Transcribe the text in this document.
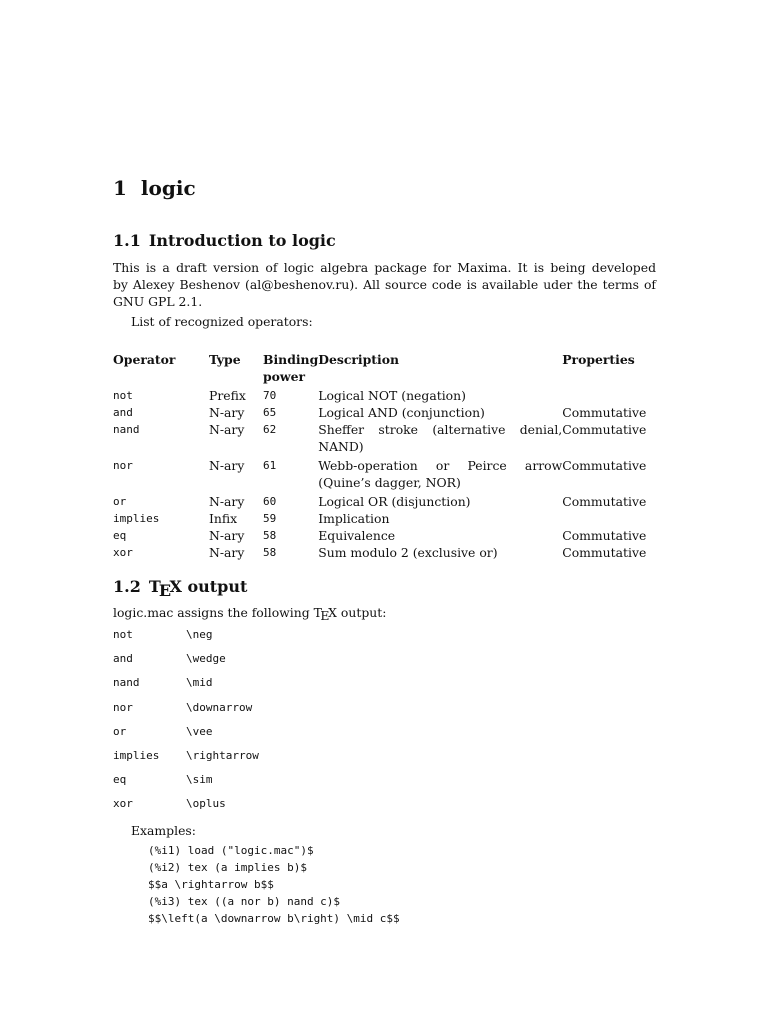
1 logic
1.1 Introduction to logic
This is a draft version of logic algebra package for Maxima. It is being developed
by Alexey Beshenov (al@beshenov.ru). All source code is available uder the terms of
GNU GPL 2.1.
List of recognized operators:
Operator	Type	Binding power	Description	Properties
not	Prefix	70	Logical NOT (negation)	
and	N-ary	65	Logical AND (conjunction)	Commutative
nand	N-ary	62	Sheffer stroke (alternative denial, NAND)	Commutative
nor	N-ary	61	Webb-operation or Peirce arrow (Quine’s dagger, NOR)	Commutative
or	N-ary	60	Logical OR (disjunction)	Commutative
implies	Infix	59	Implication	
eq	N-ary	58	Equivalence	Commutative
xor	N-ary	58	Sum modulo 2 (exclusive or)	Commutative
1.2 TEX output
logic.mac assigns the following TEX output:
not	\neg
and	\wedge
nand	\mid
nor	\downarrow
or	\vee
implies \rightarrow
eq	\sim
xor	\oplus
Examples:
(%i1) load ("logic.mac")$
(%i2) tex (a implies b)$
$$a \rightarrow b$$
(%i3) tex ((a nor b) nand c)$
$$\left(a \downarrow b\right) \mid c$$
